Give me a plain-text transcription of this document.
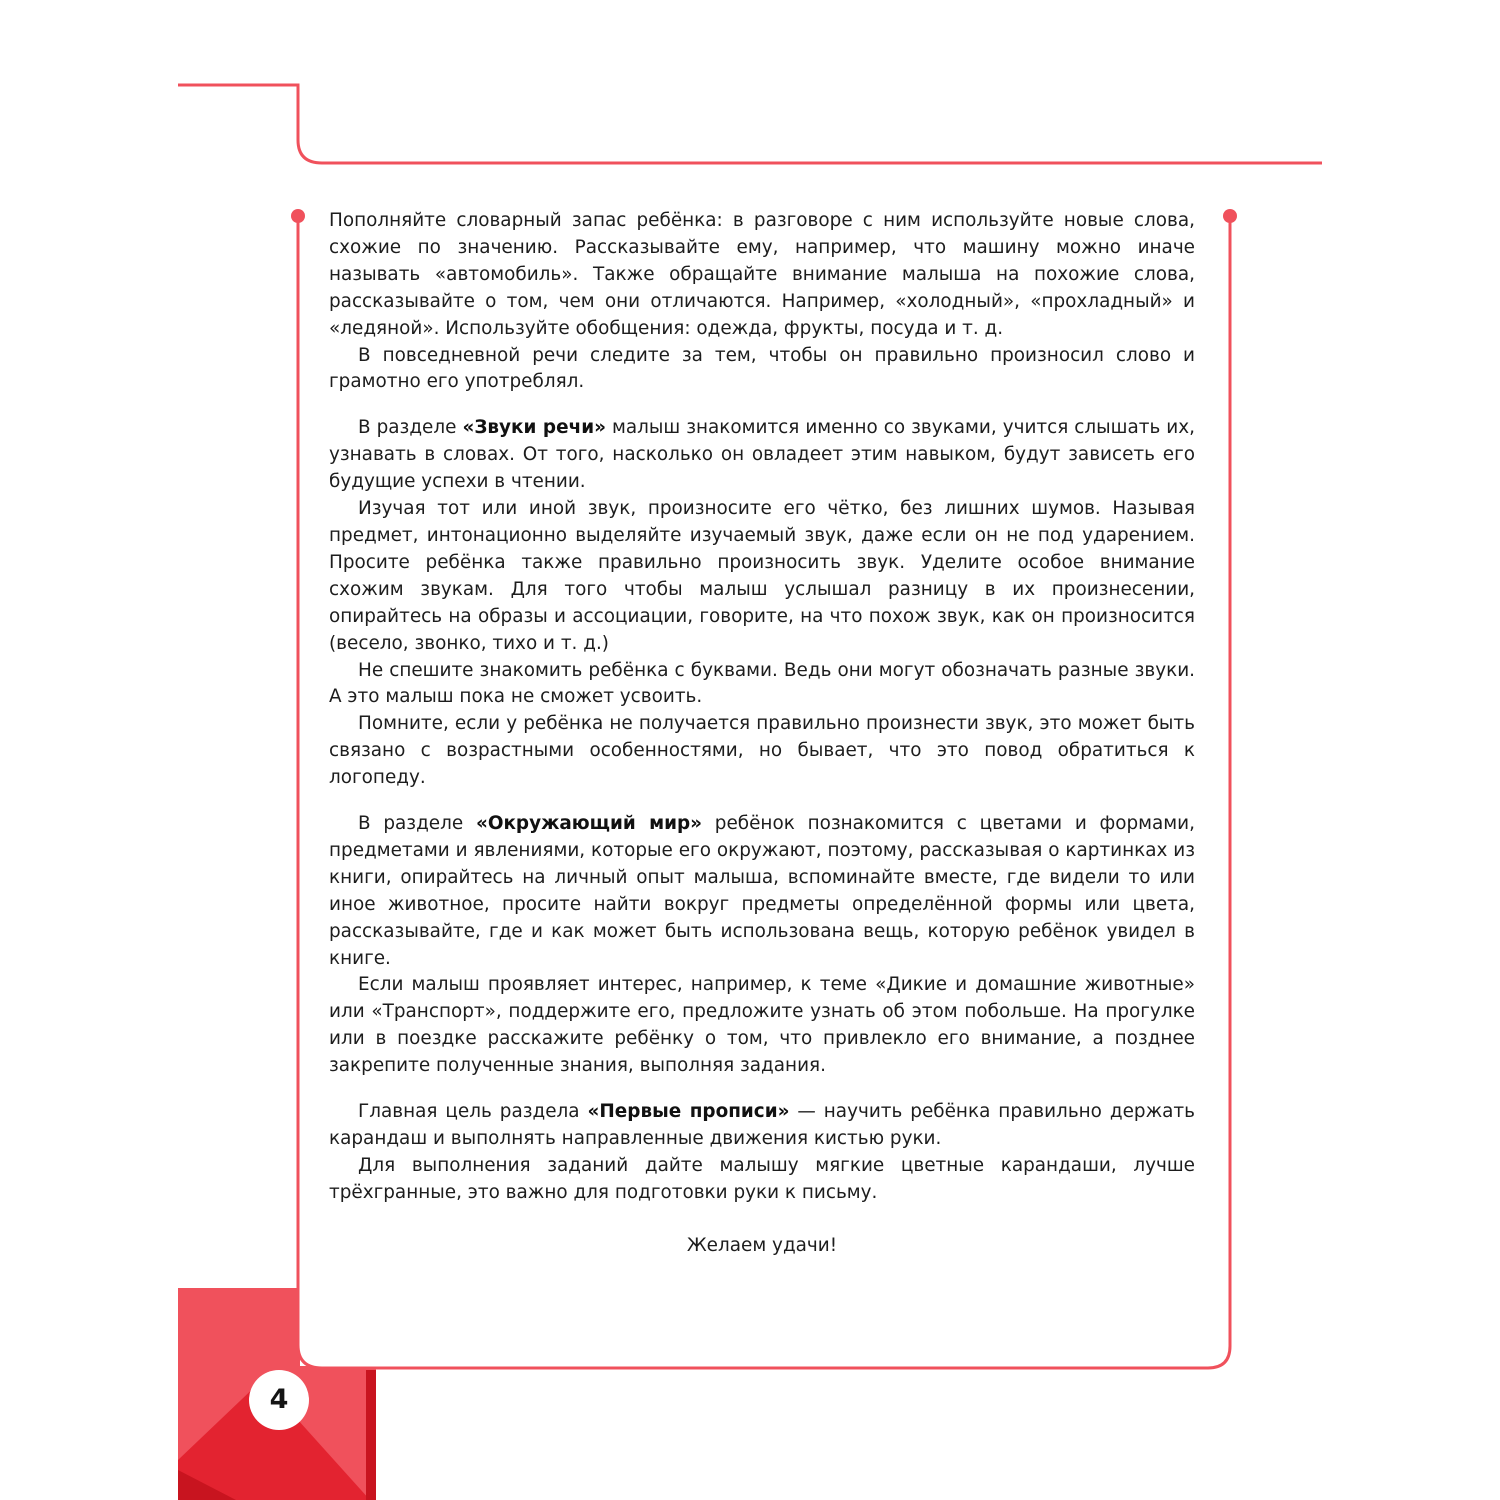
Пополняйте словарный запас ребёнка: в разговоре с ним используйте новые слова, схожие по значению. Рассказывайте ему, например, что машину можно иначе называть «автомобиль». Также обращайте внимание малыша на похожие слова, рассказывайте о том, чем они отличаются. Например, «холодный», «прохладный» и «ледяной». Используйте обобщения: одежда, фрукты, посуда и т. д.

В повседневной речи следите за тем, чтобы он правильно произносил слово и грамотно его употреблял.

В разделе «Звуки речи» малыш знакомится именно со звуками, учится слышать их, узнавать в словах. От того, насколько он овладеет этим навыком, будут зависеть его будущие успехи в чтении.

Изучая тот или иной звук, произносите его чётко, без лишних шумов. Называя предмет, интонационно выделяйте изучаемый звук, даже если он не под ударением. Просите ребёнка также правильно произносить звук. Уделите особое внимание схожим звукам. Для того чтобы малыш услышал разницу в их произнесении, опирайтесь на образы и ассоциации, говорите, на что похож звук, как он произносится (весело, звонко, тихо и т. д.)

Не спешите знакомить ребёнка с буквами. Ведь они могут обозначать разные звуки. А это малыш пока не сможет усвоить.

Помните, если у ребёнка не получается правильно произнести звук, это может быть связано с возрастными особенностями, но бывает, что это повод обратиться к логопеду.

В разделе «Окружающий мир» ребёнок познакомится с цветами и формами, предметами и явлениями, которые его окружают, поэтому, рассказывая о картинках из книги, опирайтесь на личный опыт малыша, вспоминайте вместе, где видели то или иное животное, просите найти вокруг предметы определённой формы или цвета, рассказывайте, где и как может быть использована вещь, которую ребёнок увидел в книге.

Если малыш проявляет интерес, например, к теме «Дикие и домашние животные» или «Транспорт», поддержите его, предложите узнать об этом побольше. На прогулке или в поездке расскажите ребёнку о том, что привлекло его внимание, а позднее закрепите полученные знания, выполняя задания.

Главная цель раздела «Первые прописи» — научить ребёнка правильно держать карандаш и выполнять направленные движения кистью руки.

Для выполнения заданий дайте малышу мягкие цветные карандаши, лучше трёхгранные, это важно для подготовки руки к письму.

Желаем удачи!

4
